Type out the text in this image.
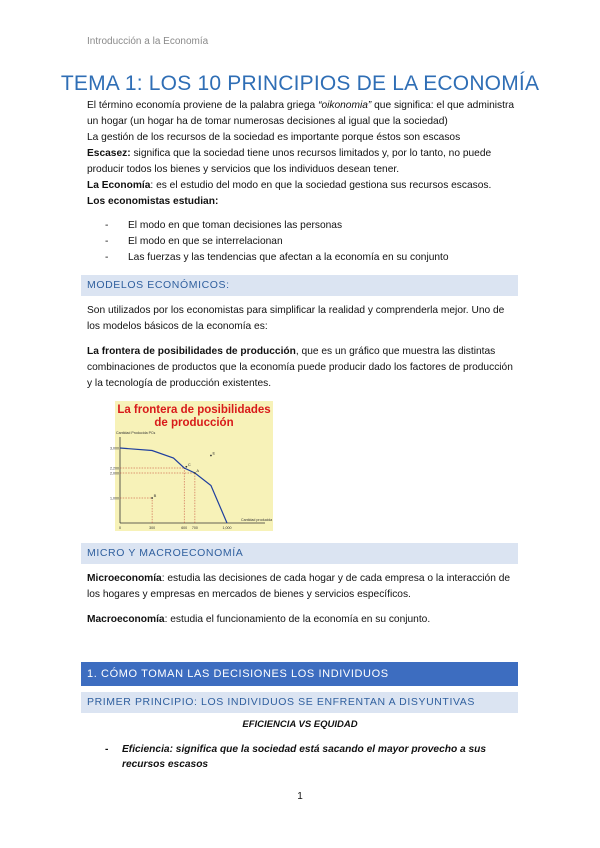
Introducción a la Economía
TEMA 1: LOS 10 PRINCIPIOS DE LA ECONOMÍA
El término economía proviene de la palabra griega “oikonomia” que significa: el que administra un hogar (un hogar ha de tomar numerosas decisiones al igual que la sociedad)
La gestión de los recursos de la sociedad es importante porque éstos son escasos
Escasez: significa que la sociedad tiene unos recursos limitados y, por lo tanto, no puede producir todos los bienes y servicios que los individuos desean tener.
La Economía: es el estudio del modo en que la sociedad gestiona sus recursos escasos.
Los economistas estudian:
- El modo en que toman decisiones las personas
- El modo en que se interrelacionan
- Las fuerzas y las tendencias que afectan a la economía en su conjunto
MODELOS ECONÓMICOS:
Son utilizados por los economistas para simplificar la realidad y comprenderla mejor. Uno de los modelos básicos de la economía es:
La frontera de posibilidades de producción, que es un gráfico que muestra las distintas combinaciones de productos que la economía puede producir dado los factores de producción y la tecnología de producción existentes.
La frontera de posibilidades
de producción
Cantidad Producida PCs
Cantidad producida
3,000
2,200
2,000
1,000
0	300	600 700	1,000
E
C
A
B
MICRO Y MACROECONOMÍA
Microeconomía: estudia las decisiones de cada hogar y de cada empresa o la interacción de los hogares y empresas en mercados de bienes y servicios específicos.
Macroeconomía: estudia el funcionamiento de la economía en su conjunto.
1. CÓMO TOMAN LAS DECISIONES LOS INDIVIDUOS
PRIMER PRINCIPIO: LOS INDIVIDUOS SE ENFRENTAN A DISYUNTIVAS
EFICIENCIA VS EQUIDAD
- Eficiencia: significa que la sociedad está sacando el mayor provecho a sus recursos escasos
1
